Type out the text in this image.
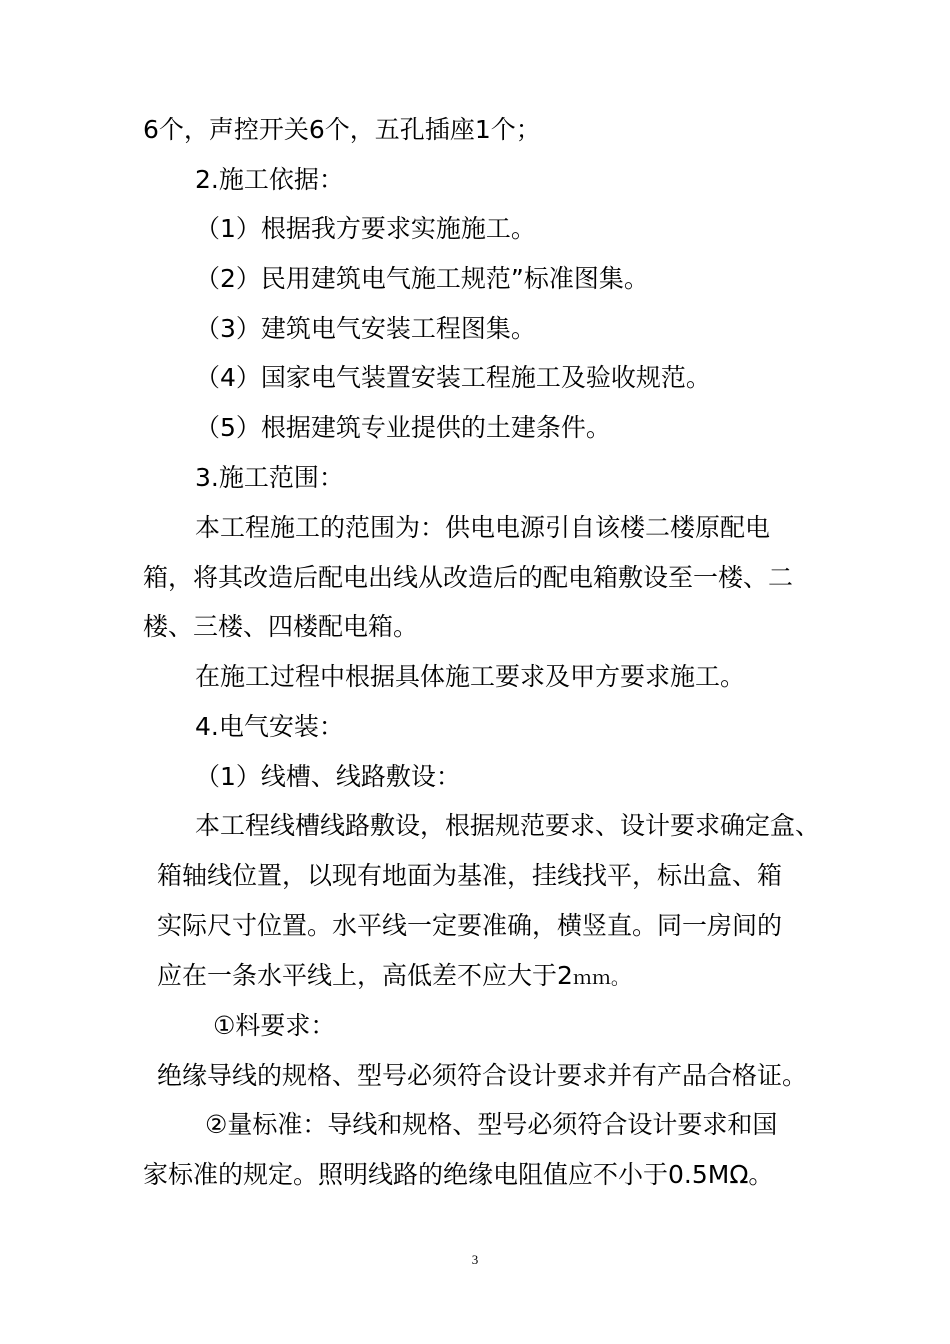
6个，声控开关6个，五孔插座1个；
2.施工依据：
（1）根据我方要求实施施工。
（2）民用建筑电气施工规范”标准图集。
（3）建筑电气安装工程图集。
（4）国家电气装置安装工程施工及验收规范。
（5）根据建筑专业提供的土建条件。
3.施工范围：
本工程施工的范围为：供电电源引自该楼二楼原配电
箱，将其改造后配电出线从改造后的配电箱敷设至一楼、二
楼、三楼、四楼配电箱。
在施工过程中根据具体施工要求及甲方要求施工。
4.电气安装：
（1）线槽、线路敷设：
本工程线槽线路敷设，根据规范要求、设计要求确定盒、
箱轴线位置，以现有地面为基准，挂线找平，标出盒、箱
实际尺寸位置。水平线一定要准确，横竖直。同一房间的
应在一条水平线上，高低差不应大于2ｍｍ。
①料要求：
绝缘导线的规格、型号必须符合设计要求并有产品合格证。
②量标准：导线和规格、型号必须符合设计要求和国
家标准的规定。照明线路的绝缘电阻值应不小于0.5MΩ。
3
